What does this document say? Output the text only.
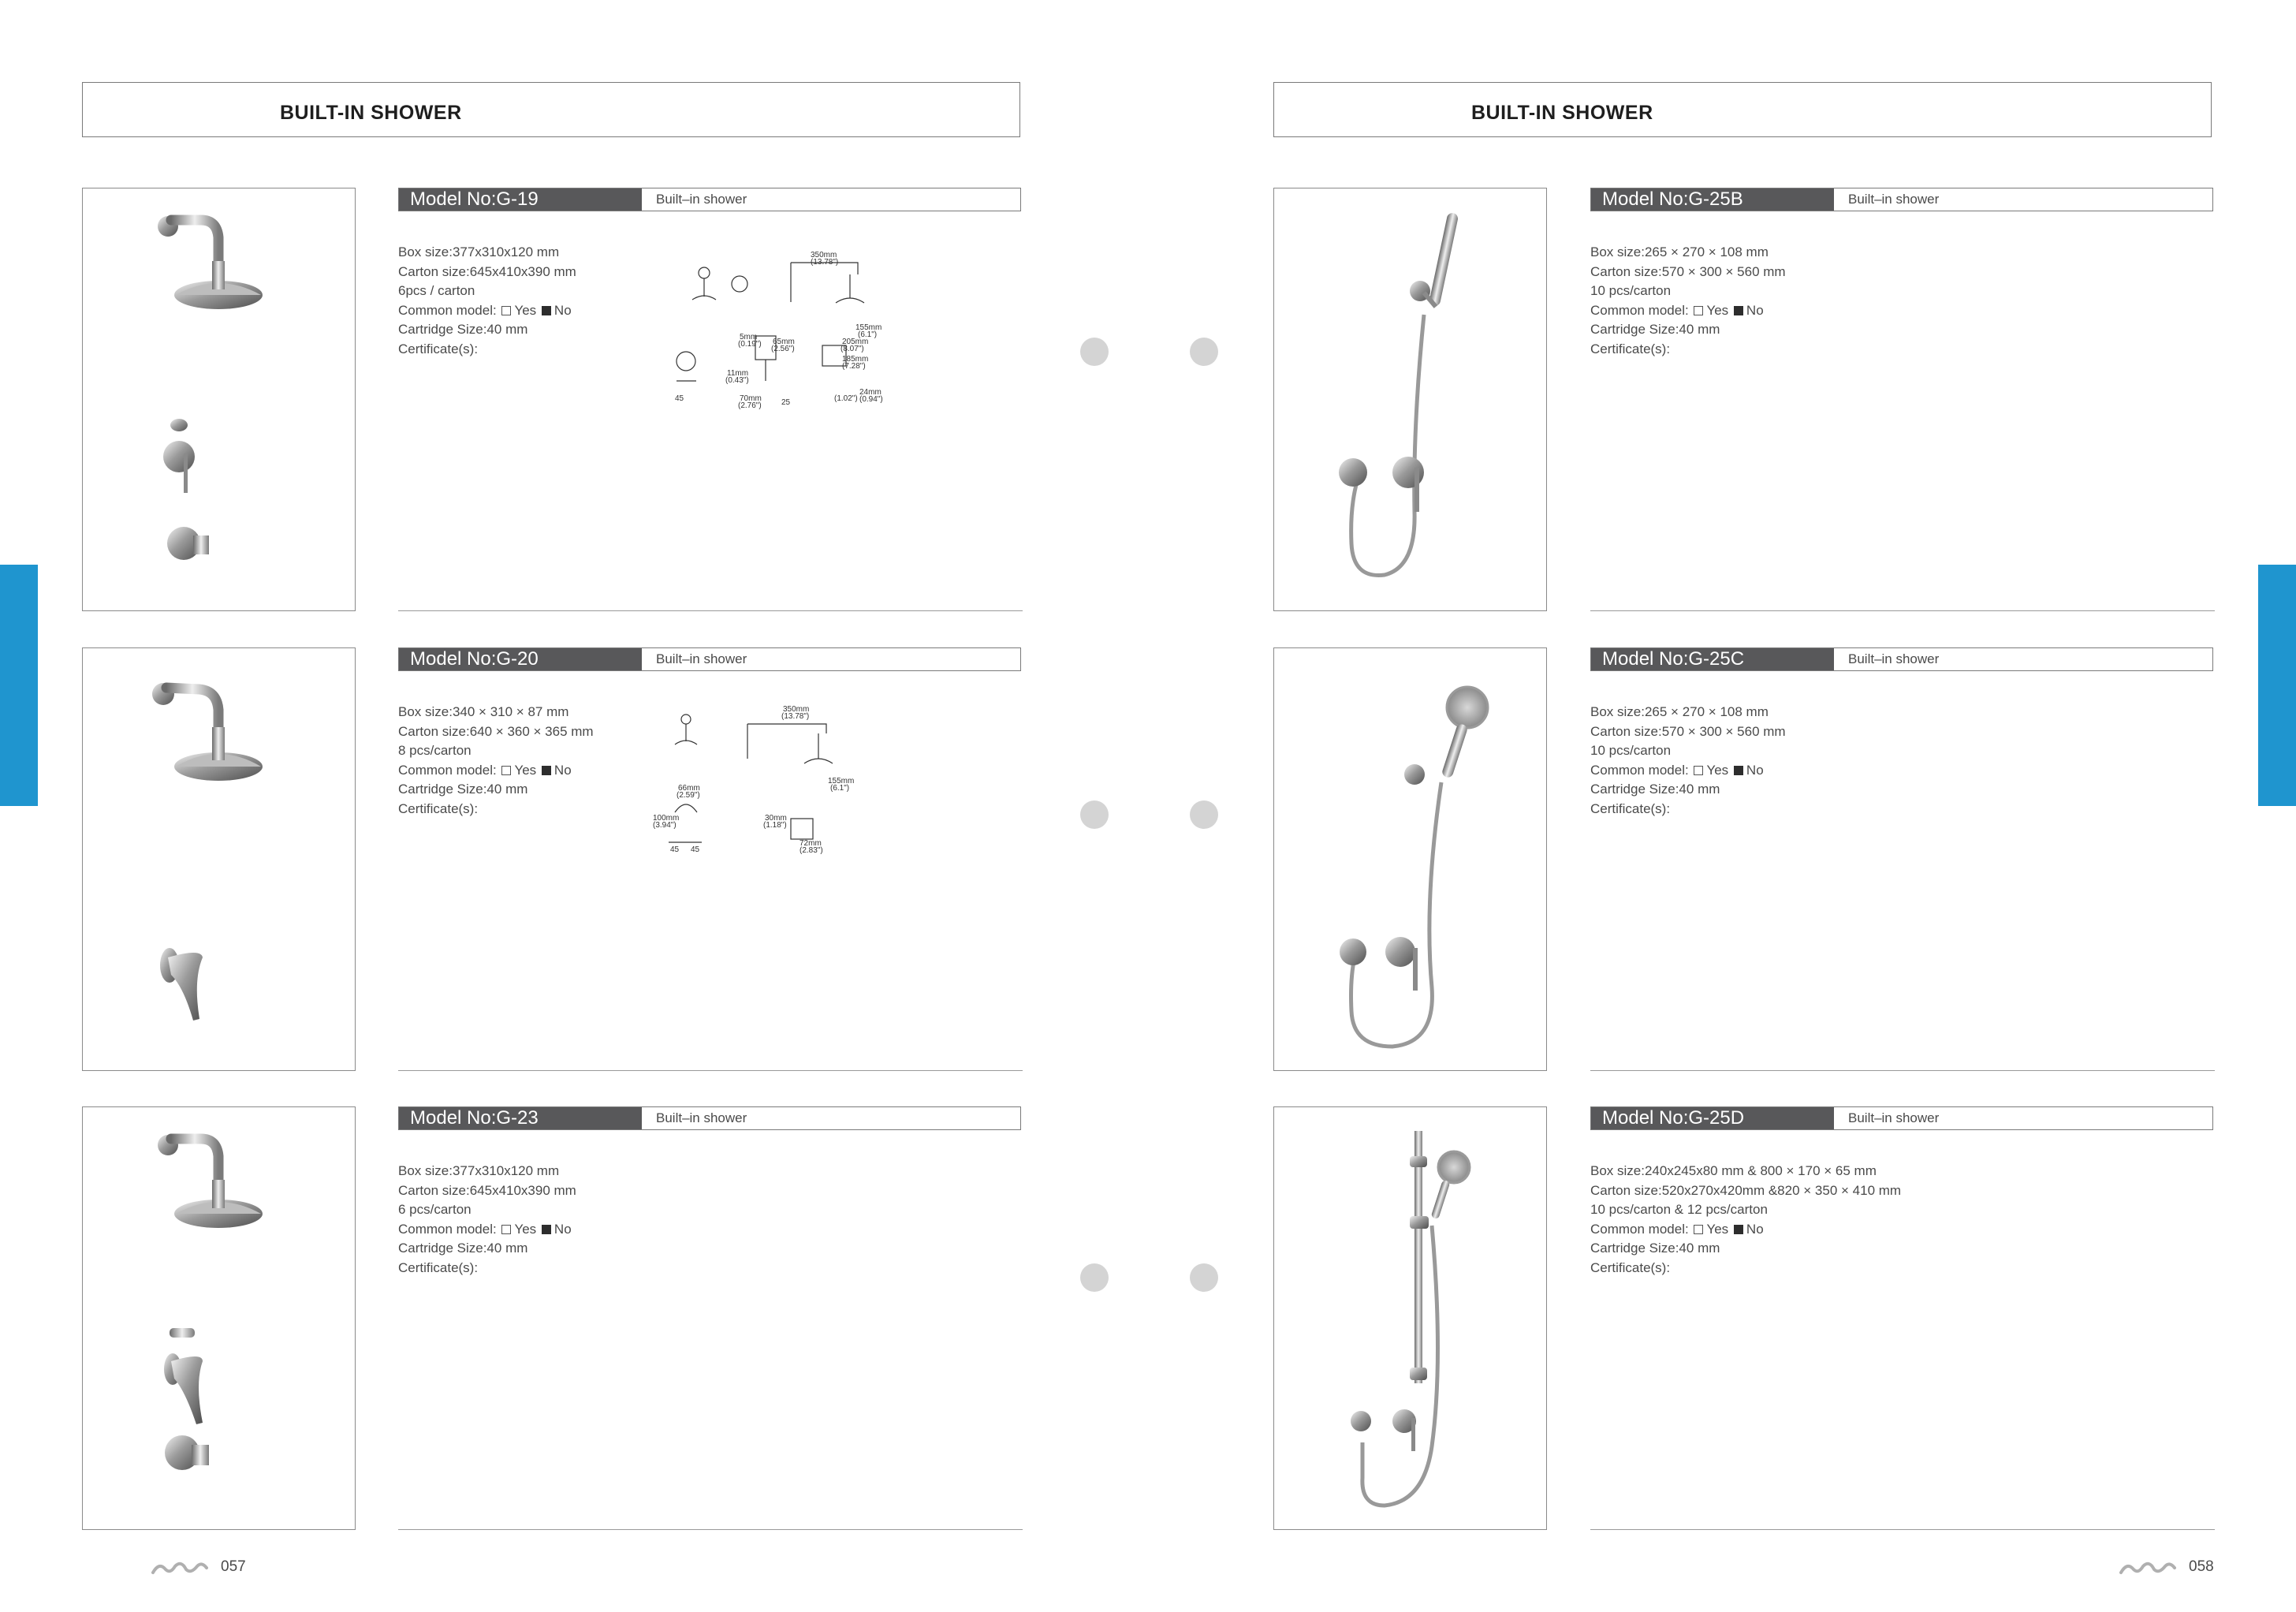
BUILT-IN SHOWER	BUILT-IN SHOWER
Model No:G-19	Built–in shower
Box size:377x310x120 mm
Carton size:645x410x390 mm
6pcs / carton
Common model: Yes No
Cartridge Size:40 mm
Certificate(s):
350mm
(13.78")
155mm
(6.1")
5mm
(0.19") 65mm
(2.56")
11mm
(0.43")
70mm
(2.76")
205mm
(8.07")
185mm
(7.28")
(1.02")
24mm
(0.94")
45	25
Model No:G-20	Built–in shower
Box size:340 × 310 × 87 mm
Carton size:640 × 360 × 365 mm
8 pcs/carton
Common model: Yes No
Cartridge Size:40 mm
Certificate(s):
350mm
(13.78")
155mm
(6.1")
66mm
(2.59")
100mm
(3.94")
30mm
(1.18")
72mm
(2.83")
45 45
Model No:G-23	Built–in shower
Box size:377x310x120 mm
Carton size:645x410x390 mm
6 pcs/carton
Common model: Yes No
Cartridge Size:40 mm
Certificate(s):
Model No:G-25B	Built–in shower
Box size:265 × 270 × 108 mm
Carton size:570 × 300 × 560 mm
10 pcs/carton
Common model: Yes No
Cartridge Size:40 mm
Certificate(s):
Model No:G-25C	Built–in shower
Box size:265 × 270 × 108 mm
Carton size:570 × 300 × 560 mm
10 pcs/carton
Common model: Yes No
Cartridge Size:40 mm
Certificate(s):
Model No:G-25D	Built–in shower
Box size:240x245x80 mm & 800 × 170 × 65 mm
Carton size:520x270x420mm &820 × 350 × 410 mm
10 pcs/carton & 12 pcs/carton
Common model: Yes No
Cartridge Size:40 mm
Certificate(s):
057	058
